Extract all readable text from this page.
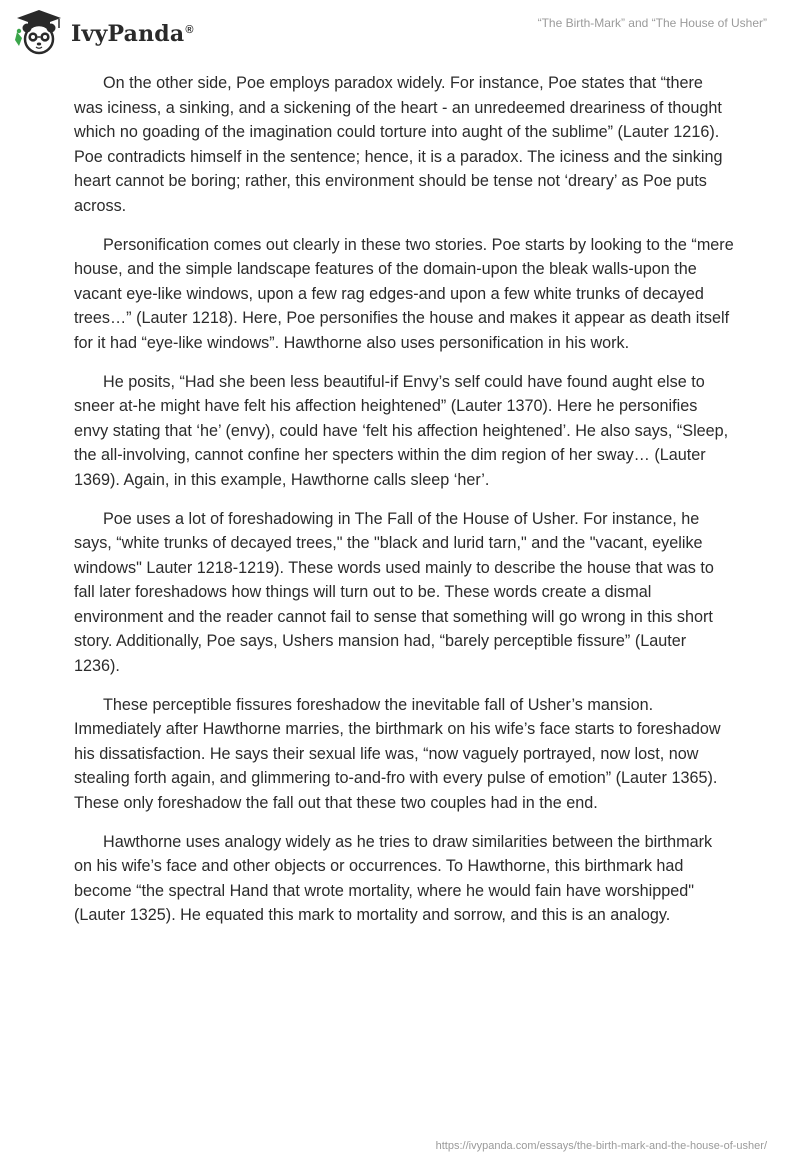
IvyPanda®	“The Birth-Mark” and “The House of Usher”

On the other side, Poe employs paradox widely. For instance, Poe states that “there was iciness, a sinking, and a sickening of the heart - an unredeemed dreariness of thought which no goading of the imagination could torture into aught of the sublime” (Lauter 1216). Poe contradicts himself in the sentence; hence, it is a paradox. The iciness and the sinking heart cannot be boring; rather, this environment should be tense not ‘dreary’ as Poe puts across.

Personification comes out clearly in these two stories. Poe starts by looking to the “mere house, and the simple landscape features of the domain-upon the bleak walls-upon the vacant eye-like windows, upon a few rag edges-and upon a few white trunks of decayed trees…” (Lauter 1218). Here, Poe personifies the house and makes it appear as death itself for it had “eye-like windows”. Hawthorne also uses personification in his work.

He posits, “Had she been less beautiful-if Envy’s self could have found aught else to sneer at-he might have felt his affection heightened” (Lauter 1370). Here he personifies envy stating that ‘he’ (envy), could have ‘felt his affection heightened’. He also says, “Sleep, the all-involving, cannot confine her specters within the dim region of her sway… (Lauter 1369). Again, in this example, Hawthorne calls sleep ‘her’.

Poe uses a lot of foreshadowing in The Fall of the House of Usher. For instance, he says, “white trunks of decayed trees," the "black and lurid tarn," and the "vacant, eyelike windows" Lauter 1218-1219). These words used mainly to describe the house that was to fall later foreshadows how things will turn out to be. These words create a dismal environment and the reader cannot fail to sense that something will go wrong in this short story. Additionally, Poe says, Ushers mansion had, “barely perceptible fissure” (Lauter 1236).

These perceptible fissures foreshadow the inevitable fall of Usher’s mansion. Immediately after Hawthorne marries, the birthmark on his wife’s face starts to foreshadow his dissatisfaction. He says their sexual life was, “now vaguely portrayed, now lost, now stealing forth again, and glimmering to-and-fro with every pulse of emotion” (Lauter 1365). These only foreshadow the fall out that these two couples had in the end.

Hawthorne uses analogy widely as he tries to draw similarities between the birthmark on his wife’s face and other objects or occurrences. To Hawthorne, this birthmark had become “the spectral Hand that wrote mortality, where he would fain have worshipped" (Lauter 1325). He equated this mark to mortality and sorrow, and this is an analogy.

https://ivypanda.com/essays/the-birth-mark-and-the-house-of-usher/
